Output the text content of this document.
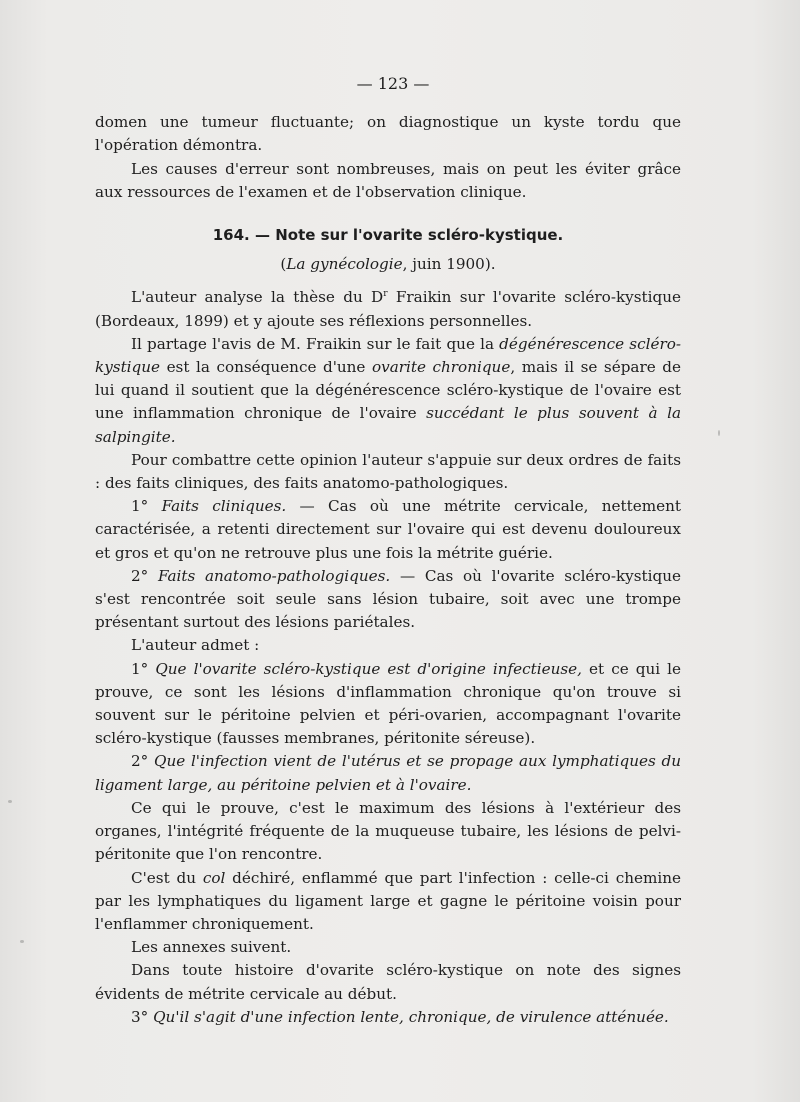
— 123 —

domen une tumeur fluctuante; on diagnostique un kyste tordu que l'opération démontra.

Les causes d'erreur sont nombreuses, mais on peut les éviter grâce aux ressources de l'examen et de l'observation clinique.

164. — Note sur l'ovarite scléro-kystique.
(La gynécologie, juin 1900).

L'auteur analyse la thèse du $D^r$ Fraikin sur l'ovarite scléro-kystique (Bordeaux, 1899) et y ajoute ses réflexions personnelles.

Il partage l'avis de M. Fraikin sur le fait que la dégénérescence scléro-kystique est la conséquence d'une ovarite chronique, mais il se sépare de lui quand il soutient que la dégénérescence scléro-kystique de l'ovaire est une inflammation chronique de l'ovaire succédant le plus souvent à la salpingite.

Pour combattre cette opinion l'auteur s'appuie sur deux ordres de faits : des faits cliniques, des faits anatomo-pathologiques.

1° Faits cliniques. — Cas où une métrite cervicale, nettement caractérisée, a retenti directement sur l'ovaire qui est devenu douloureux et gros et qu'on ne retrouve plus une fois la métrite guérie.

2° Faits anatomo-pathologiques. — Cas où l'ovarite scléro-kystique s'est rencontrée soit seule sans lésion tubaire, soit avec une trompe présentant surtout des lésions pariétales.

L'auteur admet :

1° Que l'ovarite scléro-kystique est d'origine infectieuse, et ce qui le prouve, ce sont les lésions d'inflammation chronique qu'on trouve si souvent sur le péritoine pelvien et péri-ovarien, accompagnant l'ovarite scléro-kystique (fausses membranes, péritonite séreuse).

2° Que l'infection vient de l'utérus et se propage aux lymphatiques du ligament large, au péritoine pelvien et à l'ovaire.

Ce qui le prouve, c'est le maximum des lésions à l'extérieur des organes, l'intégrité fréquente de la muqueuse tubaire, les lésions de pelvi-péritonite que l'on rencontre.

C'est du col déchiré, enflammé que part l'infection : celle-ci chemine par les lymphatiques du ligament large et gagne le péritoine voisin pour l'enflammer chroniquement.

Les annexes suivent.

Dans toute histoire d'ovarite scléro-kystique on note des signes évidents de métrite cervicale au début.

3° Qu'il s'agit d'une infection lente, chronique, de virulence atténuée.
